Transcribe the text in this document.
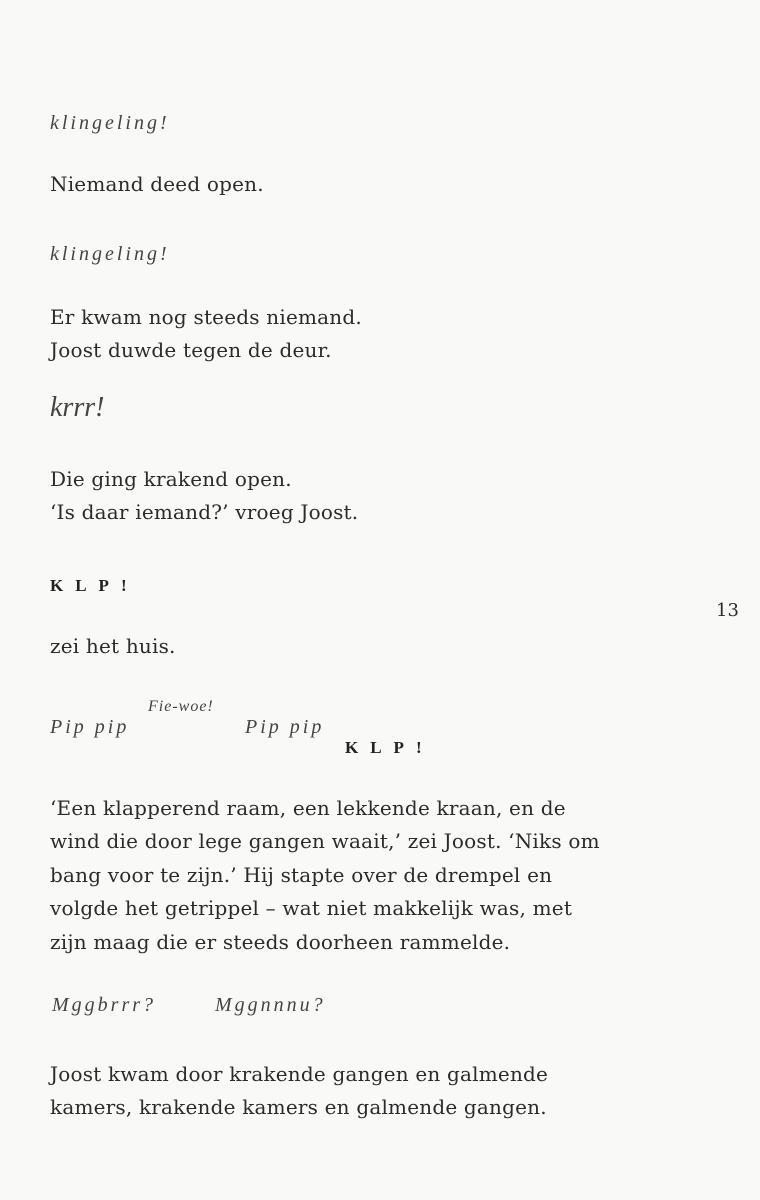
klingeling!
Niemand deed open.
klingeling!
Er kwam nog steeds niemand.
Joost duwde tegen de deur.
krrr!
Die ging krakend open.
‘Is daar iemand?’ vroeg Joost.
KLP!
13
zei het huis.
Pip pip
Fie-woe!
Pip pip
KLP!
‘Een klapperend raam, een lekkende kraan, en de
wind die door lege gangen waait,’ zei Joost. ‘Niks om
bang voor te zijn.’ Hij stapte over de drempel en
volgde het getrippel – wat niet makkelijk was, met
zijn maag die er steeds doorheen rammelde.
Mggbrrr?	Mggnnnu?
Joost kwam door krakende gangen en galmende
kamers, krakende kamers en galmende gangen.
